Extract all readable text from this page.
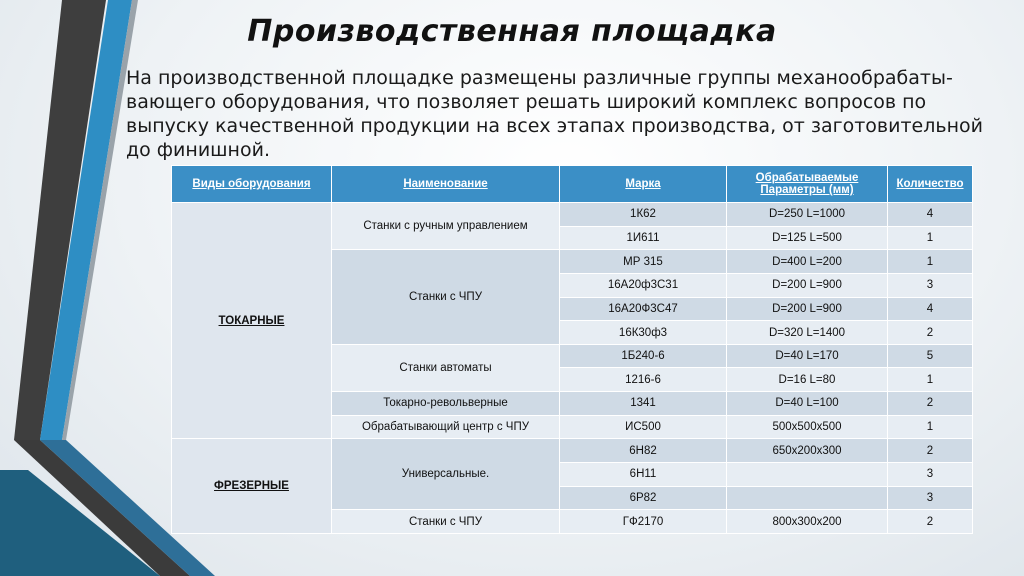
Производственная площадка
На производственной площадке размещены различные группы механообрабаты-вающего оборудования, что позволяет решать широкий комплекс вопросов по выпуску качественной продукции на всех этапах производства, от заготовительной до финишной.
Виды оборудования	Наименование	Марка	Обрабатываемые Параметры (мм)	Количество
ТОКАРНЫЕ	Станки с ручным управлением	1К62	D=250 L=1000	4
		1И611	D=125 L=500	1
	Станки с ЧПУ	МР 315	D=400 L=200	1
		16А20ф3С31	D=200 L=900	3
		16А20Ф3С47	D=200 L=900	4
		16К30ф3	D=320 L=1400	2
	Станки автоматы	1Б240-6	D=40 L=170	5
		1216-6	D=16 L=80	1
	Токарно-револьверные	1341	D=40 L=100	2
	Обрабатывающий центр с ЧПУ	ИС500	500х500х500	1
ФРЕЗЕРНЫЕ	Универсальные.	6Н82	650х200х300	2
		6Н11		3
		6Р82		3
	Станки с ЧПУ	ГФ2170	800х300х200	2
